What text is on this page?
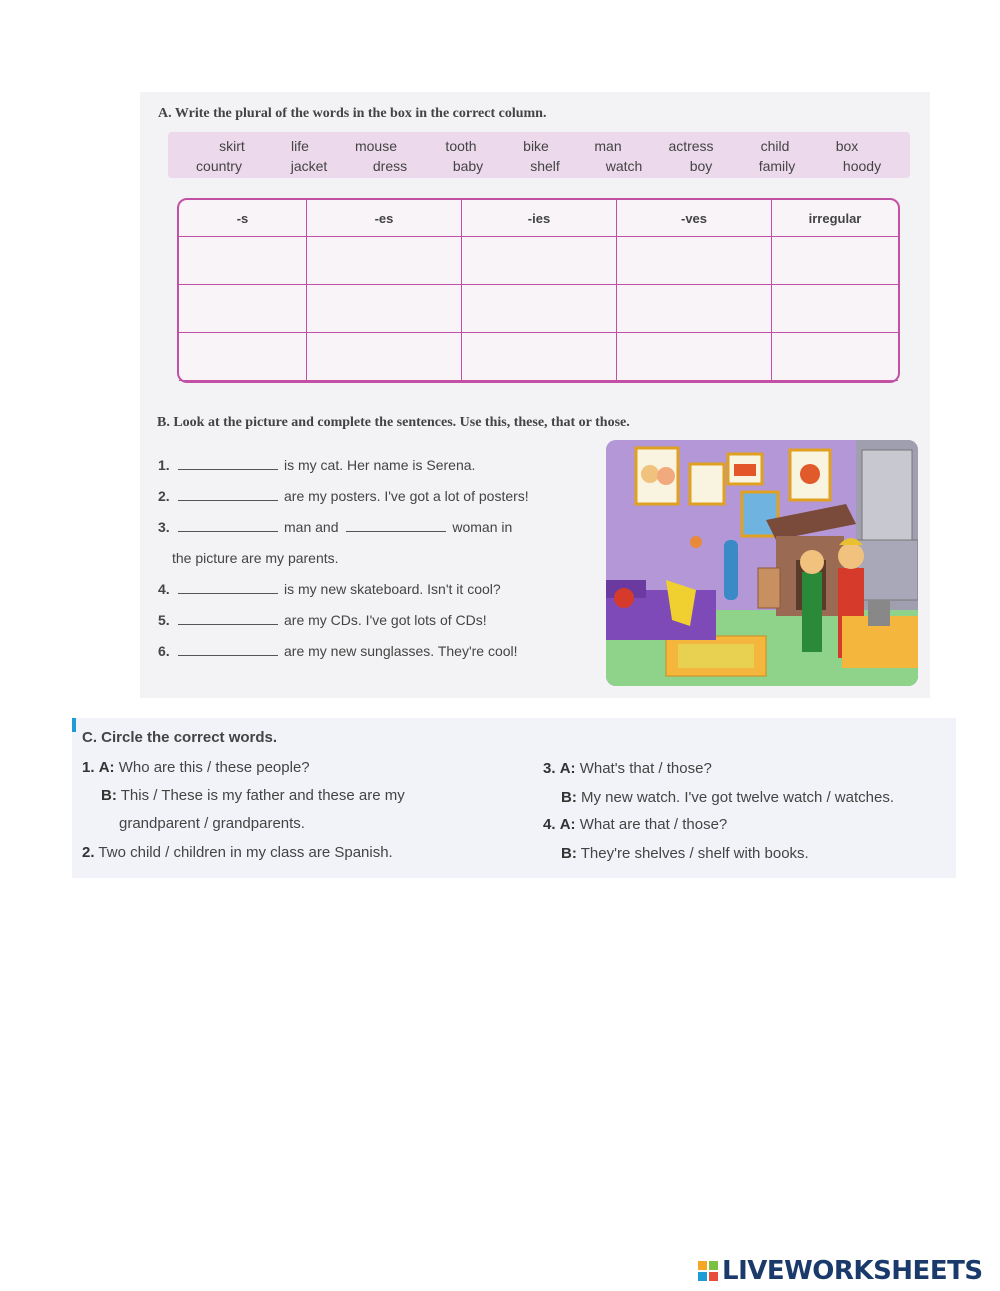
A. Write the plural of the words in the box in the correct column.
skirt	life	mouse	tooth	bike	man	actress	child	box
country	jacket	dress	baby	shelf	watch	boy	family	hoody
-s	-es	-ies	-ves	irregular

B. Look at the picture and complete the sentences. Use this, these, that or those.
1.	is my cat. Her name is Serena.
2.	are my posters. I've got a lot of posters!
3.	man and	woman in
the picture are my parents.
4.	is my new skateboard. Isn't it cool?
5.	are my CDs. I've got lots of CDs!
6.	are my new sunglasses. They're cool!
C. Circle the correct words.
1. A: Who are this / these people?
B: This / These is my father and these are my
grandparent / grandparents.
2. Two child / children in my class are Spanish.
3. A: What's that / those?
B: My new watch. I've got twelve watch / watches.
4. A: What are that / those?
B: They're shelves / shelf with books.
LIVEWORKSHEETS
